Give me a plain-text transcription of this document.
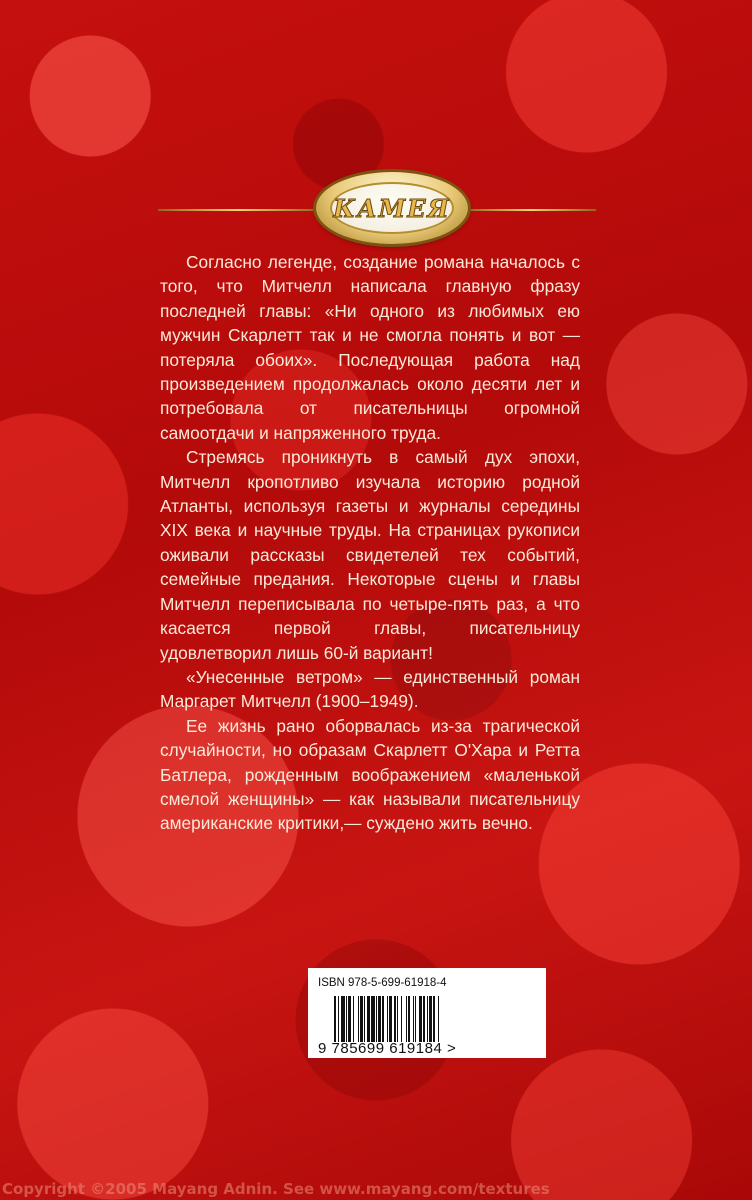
КАМЕЯ

Согласно легенде, создание романа началось с того, что Митчелл написала главную фразу последней главы: «Ни одного из любимых ею мужчин Скарлетт так и не смогла понять и вот — потеряла обоих». Последующая работа над произведением продолжалась около десяти лет и потребовала от писательницы огромной самоотдачи и напряженного труда.

Стремясь проникнуть в самый дух эпохи, Митчелл кропотливо изучала историю родной Атланты, используя газеты и журналы середины XIX века и научные труды. На страницах рукописи оживали рассказы свидетелей тех событий, семейные предания. Некоторые сцены и главы Митчелл переписывала по четыре-пять раз, а что касается первой главы, писательницу удовлетворил лишь 60-й вариант!

«Унесенные ветром» — единственный роман Маргарет Митчелл (1900–1949).

Ее жизнь рано оборвалась из-за трагической случайности, но образам Скарлетт О'Хара и Ретта Батлера, рожденным воображением «маленькой смелой женщины» — как называли писательницу американские критики,— суждено жить вечно.

ISBN 978-5-699-61918-4
9 785699 619184 >
Copyright ©2005 Mayang Adnin. See www.mayang.com/textures
